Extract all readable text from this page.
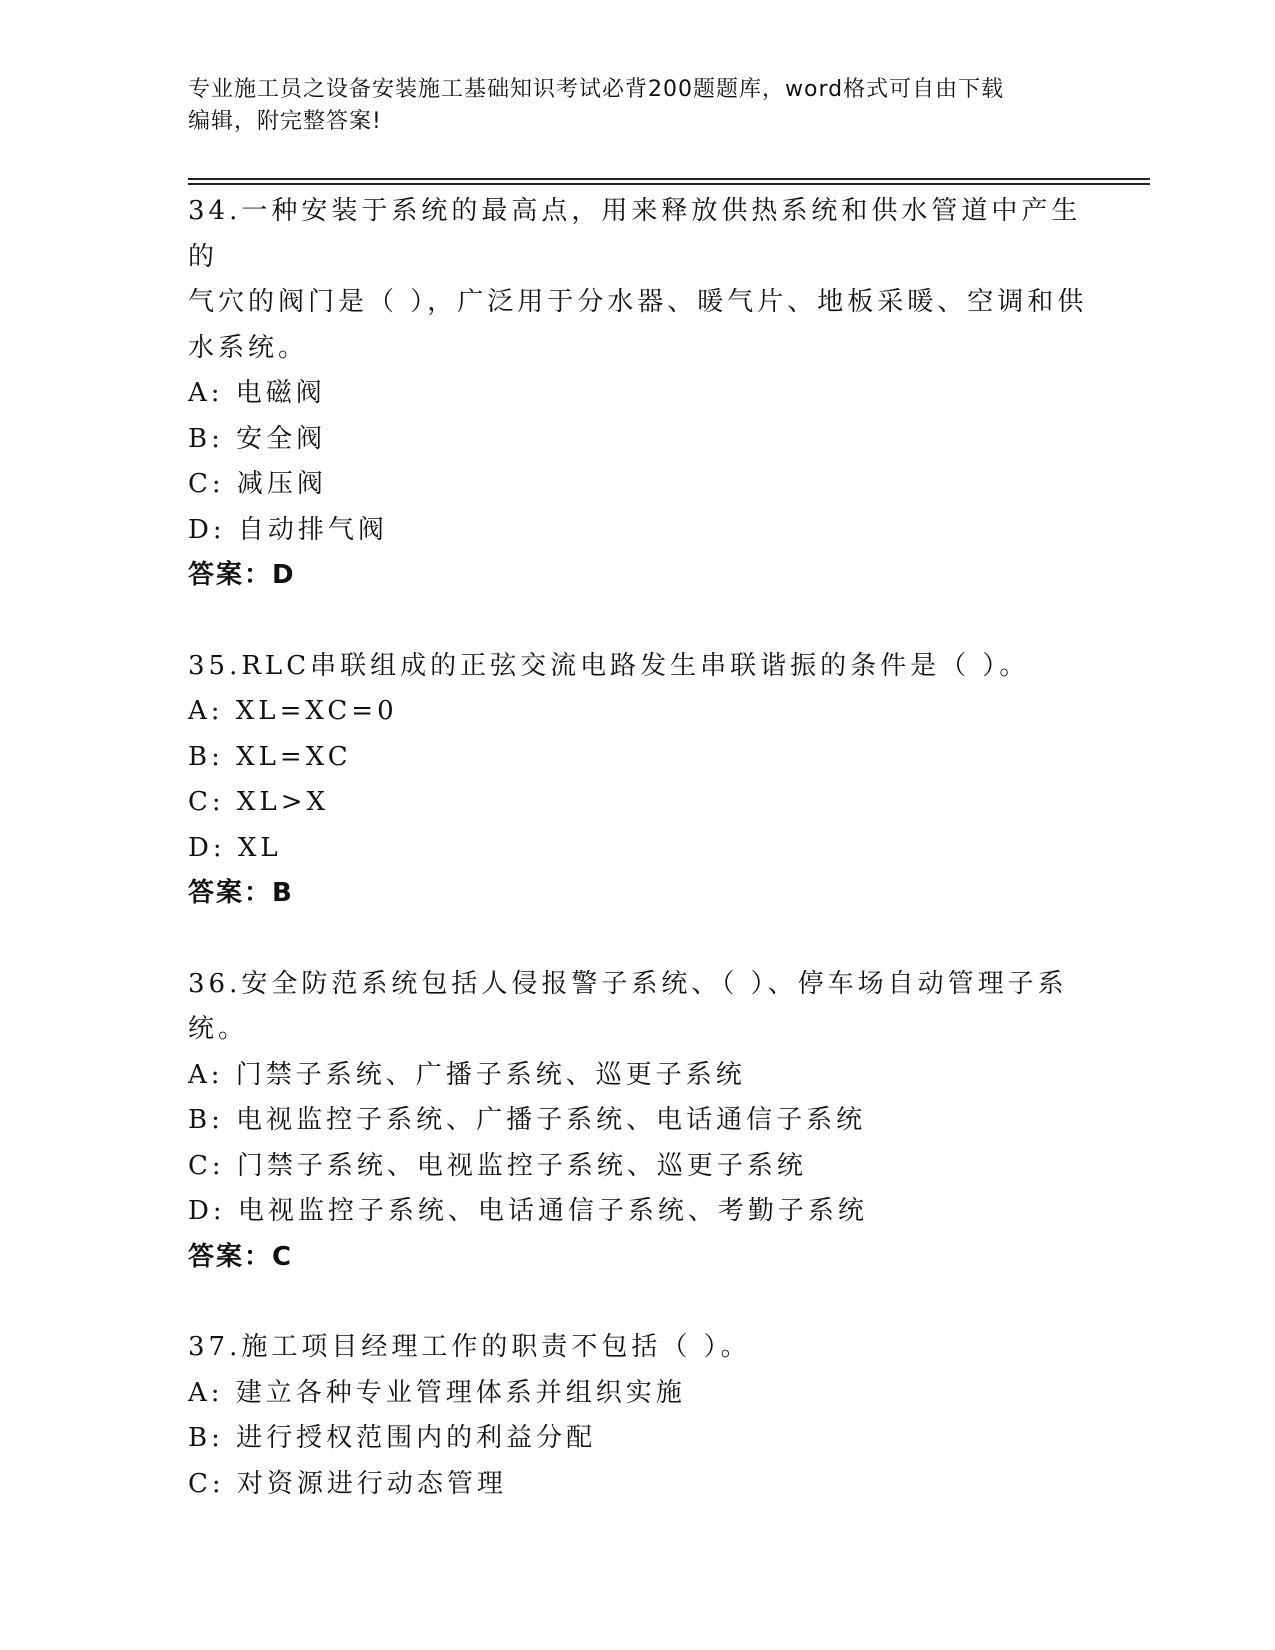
专业施工员之设备安装施工基础知识考试必背200题题库，word格式可自由下载
编辑，附完整答案!

34.一种安装于系统的最高点，用来释放供热系统和供水管道中产生的

气穴的阀门是（ ），广泛用于分水器、暖气片、地板采暖、空调和供

水系统。

A: 电磁阀

B: 安全阀

C: 减压阀

D: 自动排气阀

答案：D

35.RLC串联组成的正弦交流电路发生串联谐振的条件是（ ）。

A: XL=XC=0

B: XL=XC

C: XL>X

D: XL

答案：B

36.安全防范系统包括人侵报警子系统、（ ）、停车场自动管理子系

统。

A: 门禁子系统、广播子系统、巡更子系统

B: 电视监控子系统、广播子系统、电话通信子系统

C: 门禁子系统、电视监控子系统、巡更子系统

D: 电视监控子系统、电话通信子系统、考勤子系统

答案：C

37.施工项目经理工作的职责不包括（ ）。

A: 建立各种专业管理体系并组织实施

B: 进行授权范围内的利益分配

C: 对资源进行动态管理
